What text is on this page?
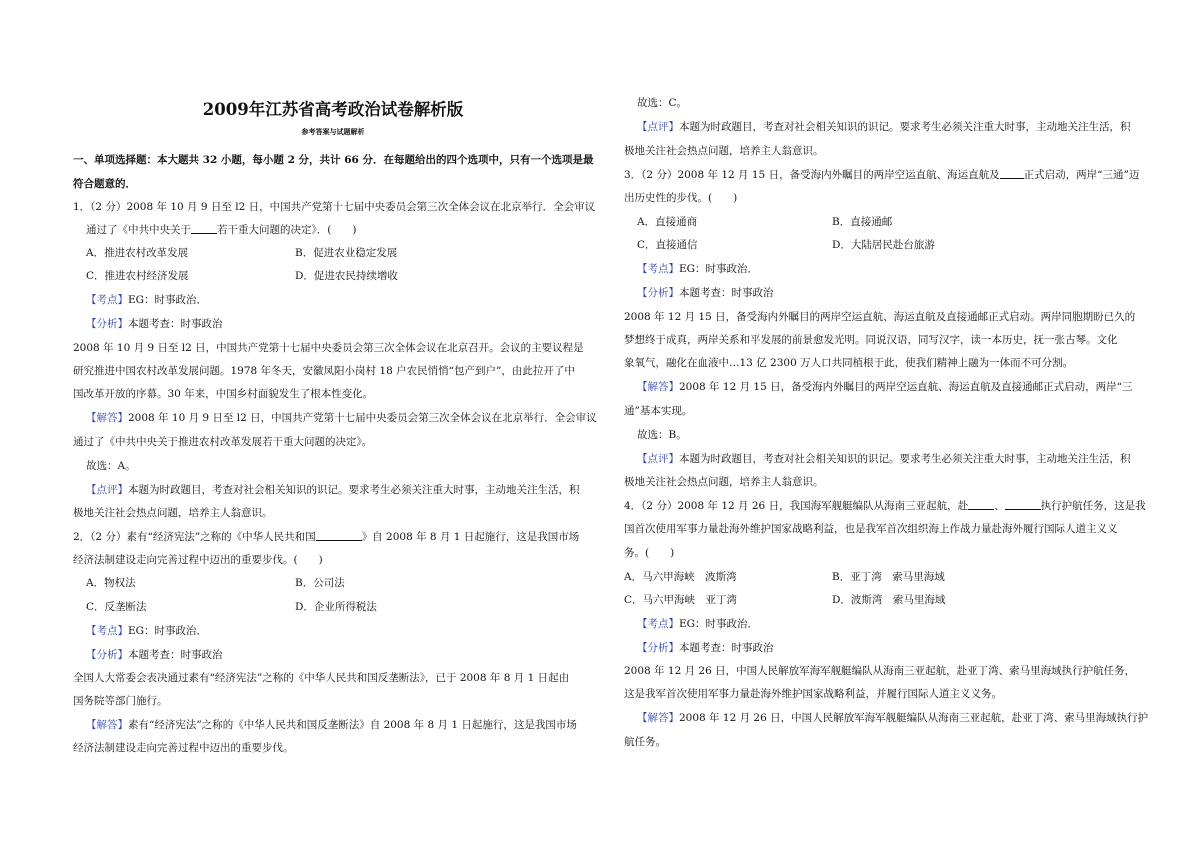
2009年江苏省高考政治试卷解析版
参考答案与试题解析
一、单项选择题：本大题共 32 小题，每小题 2 分，共计 66 分．在每题给出的四个选项中，只有一个选项是最
符合题意的．
1．（2 分）2008 年 10 月 9 日至 l2 日，中国共产党第十七届中央委员会第三次全体会议在北京举行．全会审议
通过了《中共中央关于 若干重大问题的决定》．(　　)
A．推进农村改革发展	B．促进农业稳定发展
C．推进农村经济发展	D．促进农民持续增收
【考点】EG：时事政治．
【分析】本题考查：时事政治
2008 年 10 月 9 日至 l2 日，中国共产党第十七届中央委员会第三次全体会议在北京召开。会议的主要议程是
研究推进中国农村改革发展问题。1978 年冬天，安徽凤阳小岗村 18 户农民悄悄“包产到户”，由此拉开了中
国改革开放的序幕。30 年来，中国乡村面貌发生了根本性变化。
【解答】2008 年 10 月 9 日至 l2 日，中国共产党第十七届中央委员会第三次全体会议在北京举行．全会审议
通过了《中共中央关于推进农村改革发展若干重大问题的决定》。
故选：A。
【点评】本题为时政题目，考查对社会相关知识的识记。要求考生必须关注重大时事，主动地关注生活，积
极地关注社会热点问题，培养主人翁意识。
2．（2 分）素有“经济宪法”之称的《中华人民共和国	》自 2008 年 8 月 1 日起施行，这是我国市场
经济法制建设走向完善过程中迈出的重要步伐。(　　)
A．物权法	B．公司法
C．反垄断法	D．企业所得税法
【考点】EG：时事政治．
【分析】本题考查：时事政治
全国人大常委会表决通过素有“经济宪法”之称的《中华人民共和国反垄断法》，已于 2008 年 8 月 1 日起由
国务院等部门施行。
【解答】素有“经济宪法”之称的《中华人民共和国反垄断法》自 2008 年 8 月 1 日起施行，这是我国市场
经济法制建设走向完善过程中迈出的重要步伐。
故选：C。
【点评】本题为时政题目，考查对社会相关知识的识记。要求考生必须关注重大时事，主动地关注生活，积
极地关注社会热点问题，培养主人翁意识。
3．（2 分）2008 年 12 月 15 日，备受海内外瞩目的两岸空运直航、海运直航及 正式启动，两岸“三通”迈
出历史性的步伐。(　　)
A．直接通商	B．直接通邮
C．直接通信	D．大陆居民赴台旅游
【考点】EG：时事政治．
【分析】本题考查：时事政治
2008 年 12 月 15 日，备受海内外瞩目的两岸空运直航、海运直航及直接通邮正式启动。两岸同胞期盼已久的
梦想终于成真，两岸关系和平发展的前景愈发光明。同说汉语，同写汉字，读一本历史，抚一张古琴。文化
象氧气，融化在血液中…13 亿 2300 万人口共同植根于此，使我们精神上融为一体而不可分割。
【解答】2008 年 12 月 15 日，备受海内外瞩目的两岸空运直航、海运直航及直接通邮正式启动，两岸“三
通”基本实现。
故选：B。
【点评】本题为时政题目，考查对社会相关知识的识记。要求考生必须关注重大时事，主动地关注生活，积
极地关注社会热点问题，培养主人翁意识。
4．（2 分）2008 年 12 月 26 日，我国海军舰艇编队从海南三亚起航，赴 、	执行护航任务，这是我
国首次使用军事力量赴海外维护国家战略利益，也是我军首次组织海上作战力量赴海外履行国际人道主义义
务。(　　)
A．马六甲海峡　波斯湾	B．亚丁湾　索马里海域
C．马六甲海峡　亚丁湾	D．波斯湾　索马里海域
【考点】EG：时事政治．
【分析】本题考查：时事政治
2008 年 12 月 26 日，中国人民解放军海军舰艇编队从海南三亚起航，赴亚丁湾、索马里海域执行护航任务，
这是我军首次使用军事力量赴海外维护国家战略利益，并履行国际人道主义义务。
【解答】2008 年 12 月 26 日，中国人民解放军海军舰艇编队从海南三亚起航，赴亚丁湾、索马里海域执行护
航任务。
